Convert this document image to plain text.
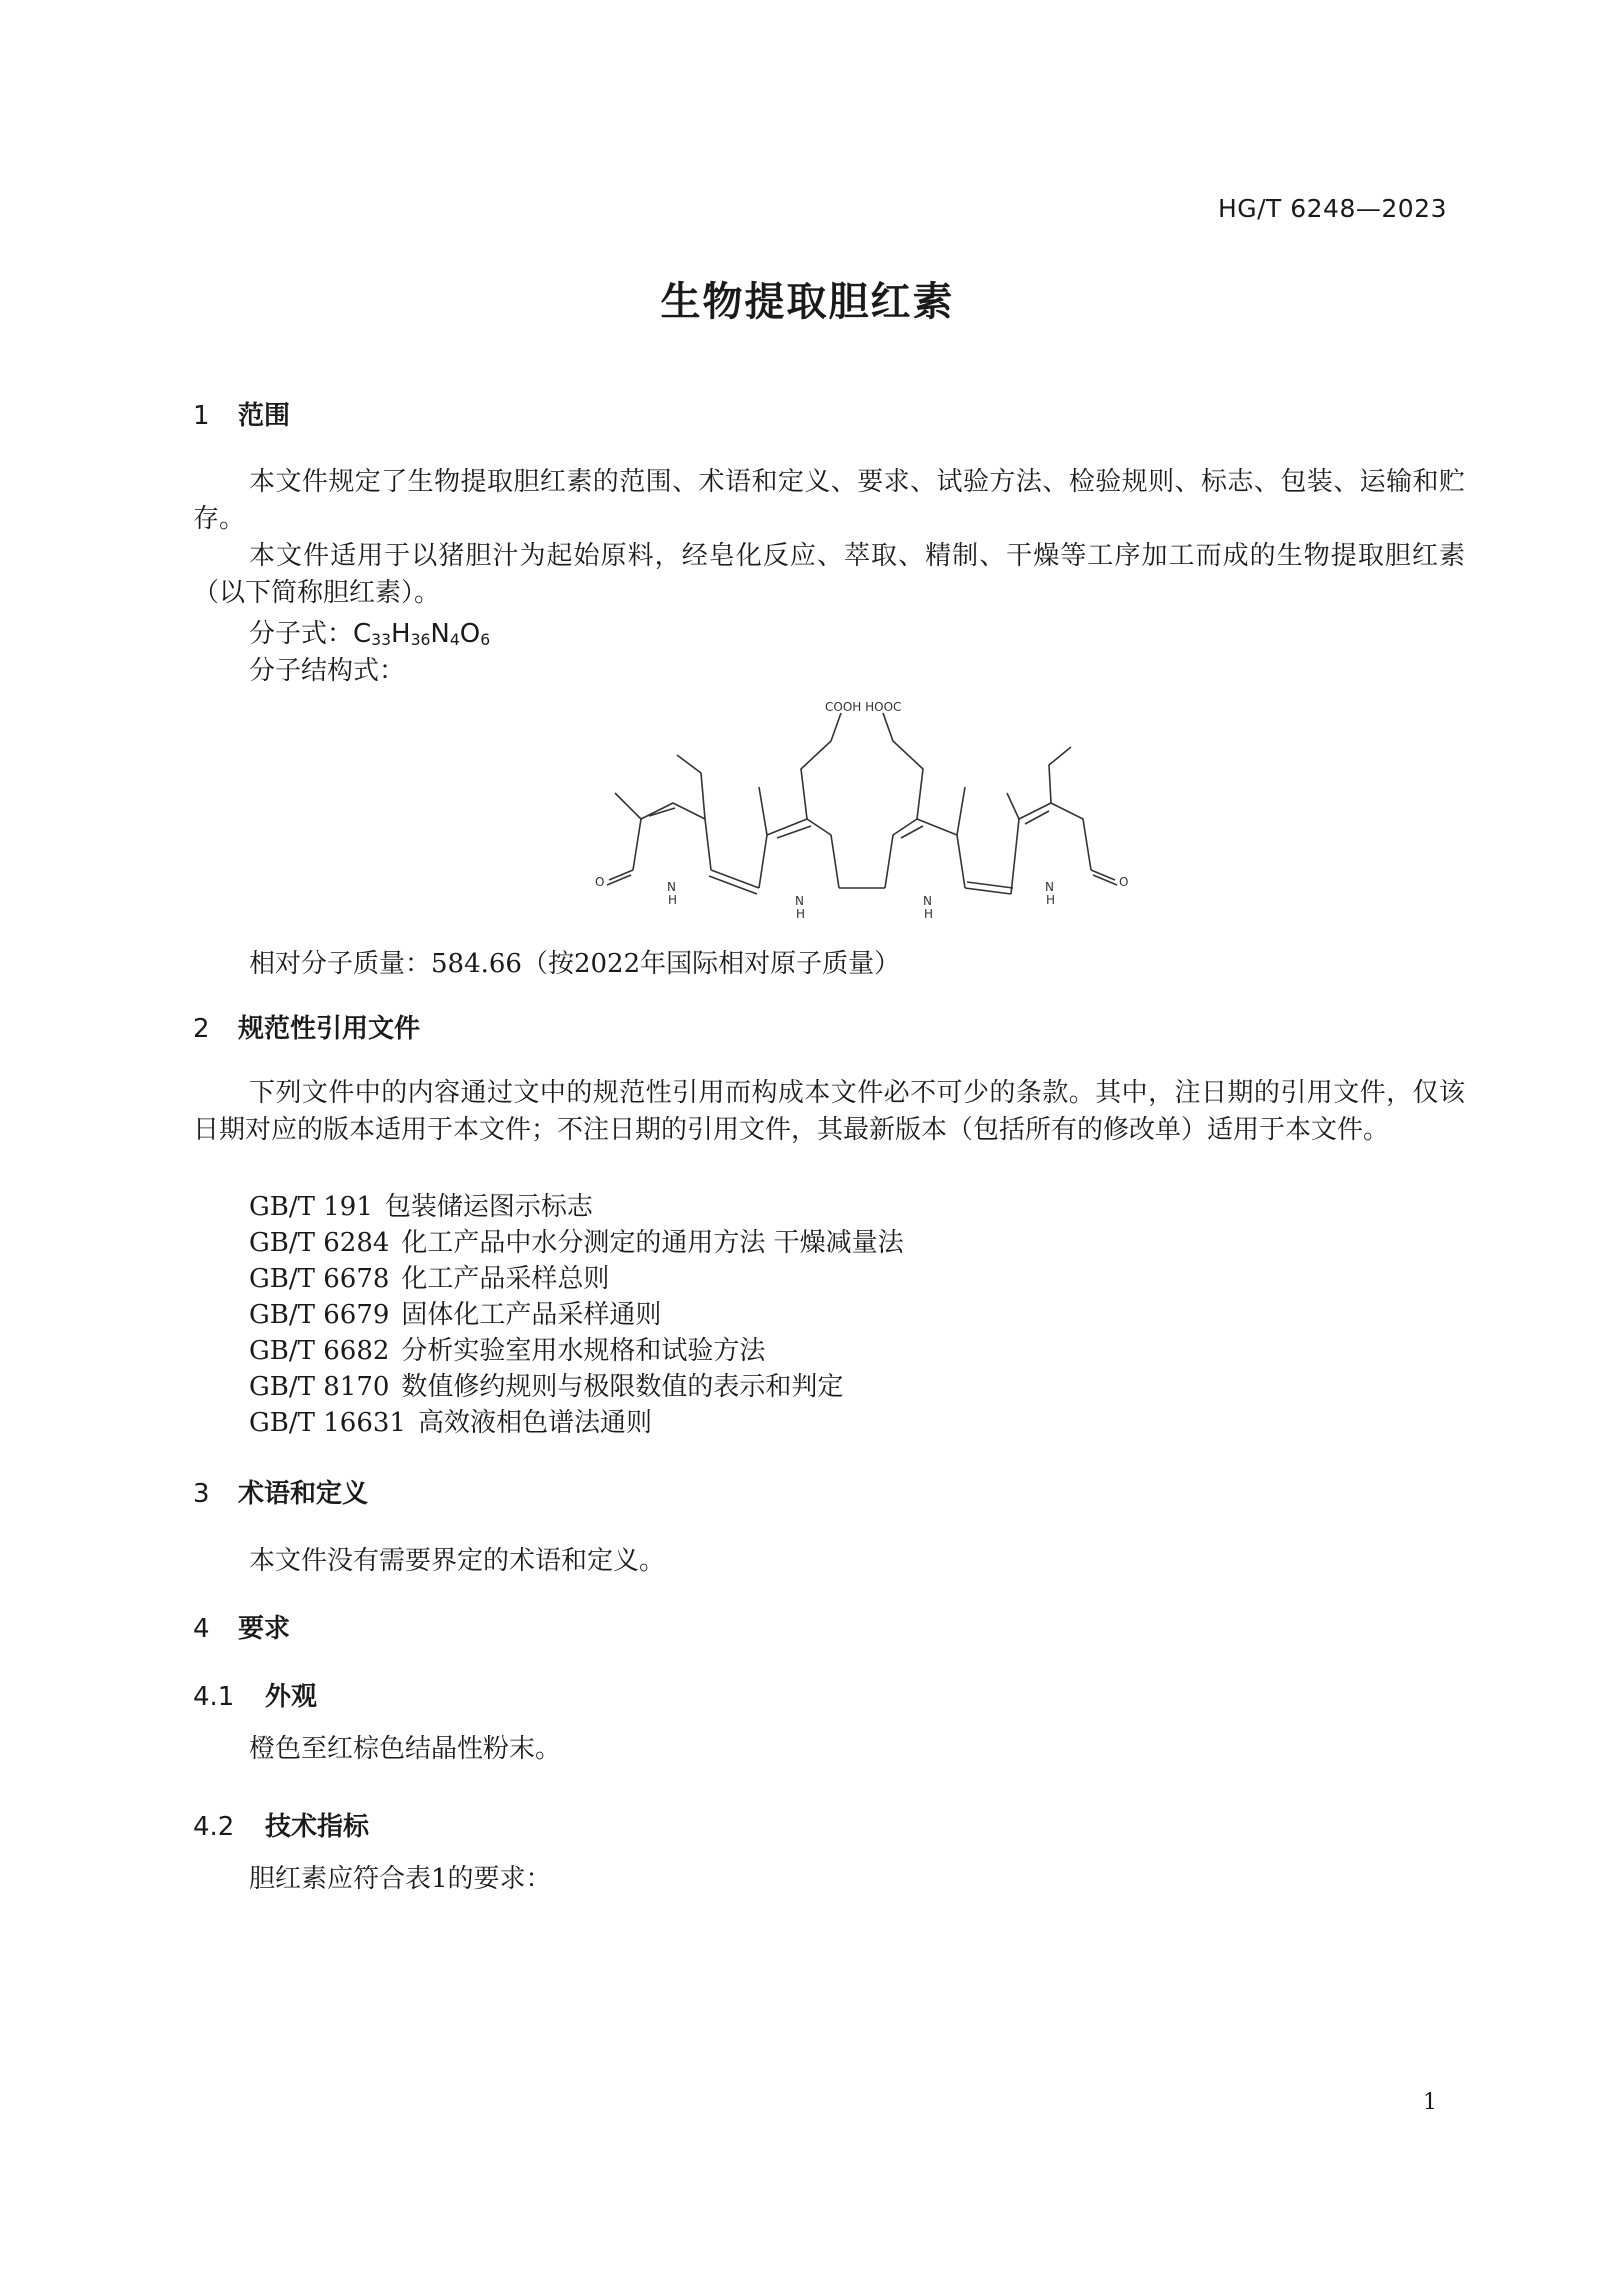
HG/T 6248—2023
生物提取胆红素
1 范围
本文件规定了生物提取胆红素的范围、术语和定义、要求、试验方法、检验规则、标志、包装、运输和贮存。
本文件适用于以猪胆汁为起始原料，经皂化反应、萃取、精制、干燥等工序加工而成的生物提取胆红素（以下简称胆红素）。
分子式：$C_{33}H_{36}N_4O_6$
分子结构式：
COOH HOOC
O	O
N
H	N
H
N
H
N
H
相对分子质量：584.66（按2022年国际相对原子质量）
2 规范性引用文件
下列文件中的内容通过文中的规范性引用而构成本文件必不可少的条款。其中，注日期的引用文件，仅该日期对应的版本适用于本文件；不注日期的引用文件，其最新版本（包括所有的修改单）适用于本文件。
GB/T 191 包装储运图示标志
GB/T 6284 化工产品中水分测定的通用方法 干燥减量法
GB/T 6678 化工产品采样总则
GB/T 6679 固体化工产品采样通则
GB/T 6682 分析实验室用水规格和试验方法
GB/T 8170 数值修约规则与极限数值的表示和判定
GB/T 16631 高效液相色谱法通则
3 术语和定义
本文件没有需要界定的术语和定义。
4 要求
4.1 外观
橙色至红棕色结晶性粉末。
4.2 技术指标
胆红素应符合表1的要求：
1
